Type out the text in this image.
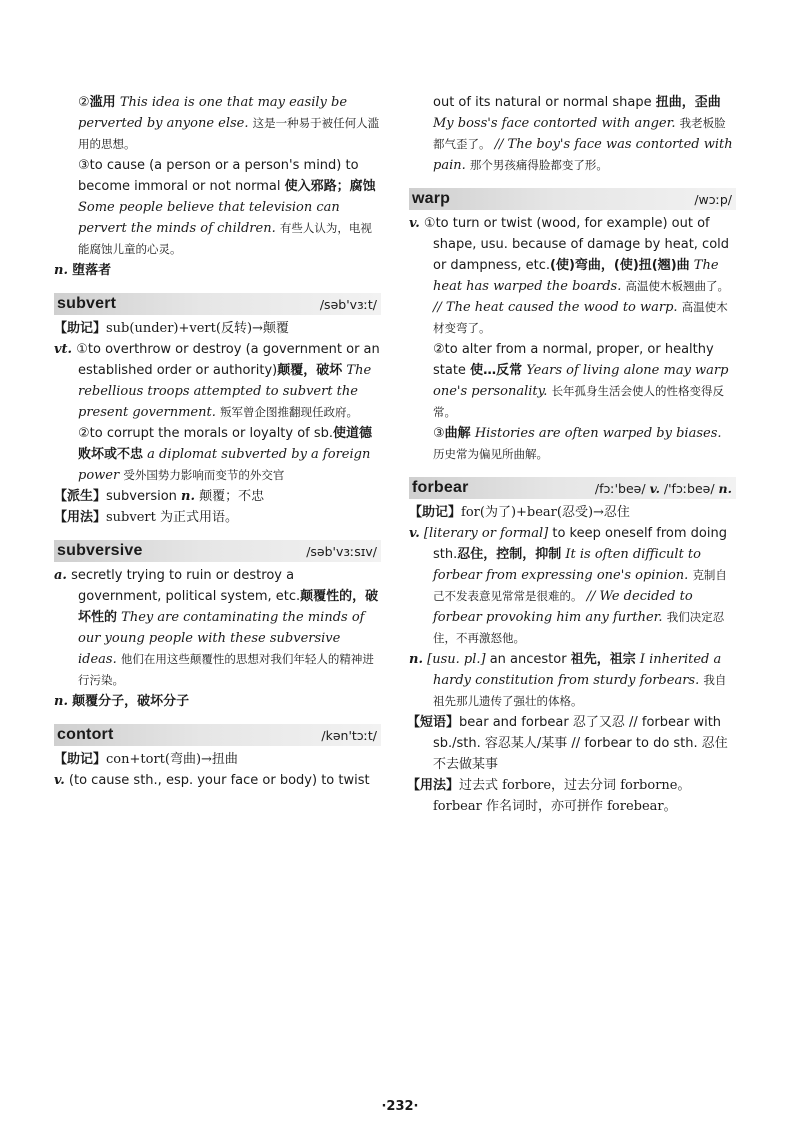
②滥用 This idea is one that may easily be perverted by anyone else. 这是一种易于被任何人滥用的思想。

③to cause (a person or a person's mind) to become immoral or not normal 使入邪路；腐蚀 Some people believe that television can pervert the minds of children. 有些人认为，电视能腐蚀儿童的心灵。

n. 堕落者

subvert	/səb'vɜːt/

【助记】sub(under)+vert(反转)→颠覆

vt. ①to overthrow or destroy (a government or an established order or authority)颠覆，破坏 The rebellious troops attempted to subvert the present government. 叛军曾企图推翻现任政府。

②to corrupt the morals or loyalty of sb.使道德败坏或不忠 a diplomat subverted by a foreign power 受外国势力影响而变节的外交官

【派生】subversion n. 颠覆；不忠

【用法】subvert 为正式用语。

subversive	/səb'vɜːsɪv/

a. secretly trying to ruin or destroy a government, political system, etc.颠覆性的，破坏性的 They are contaminating the minds of our young people with these subversive ideas. 他们在用这些颠覆性的思想对我们年轻人的精神进行污染。

n. 颠覆分子，破坏分子

contort	/kən'tɔːt/

【助记】con+tort(弯曲)→扭曲

v. (to cause sth., esp. your face or body) to twist

out of its natural or normal shape 扭曲，歪曲 My boss's face contorted with anger. 我老板脸都气歪了。 // The boy's face was contorted with pain. 那个男孩痛得脸都变了形。

warp	/wɔːp/

v. ①to turn or twist (wood, for example) out of shape, usu. because of damage by heat, cold or dampness, etc.(使)弯曲，(使)扭(翘)曲 The heat has warped the boards. 高温使木板翘曲了。 // The heat caused the wood to warp. 高温使木材变弯了。

②to alter from a normal, proper, or healthy state 使…反常 Years of living alone may warp one's personality. 长年孤身生活会使人的性格变得反常。

③曲解 Histories are often warped by biases. 历史常为偏见所曲解。

forbear	/fɔː'beə/ v. /'fɔːbeə/ n.

【助记】for(为了)+bear(忍受)→忍住

v. [literary or formal] to keep oneself from doing sth.忍住，控制，抑制 It is often difficult to forbear from expressing one's opinion. 克制自己不发表意见常常是很难的。 // We decided to forbear provoking him any further. 我们决定忍住，不再激怒他。

n. [usu. pl.] an ancestor 祖先，祖宗 I inherited a hardy constitution from sturdy forbears. 我自祖先那儿遗传了强壮的体格。

【短语】bear and forbear 忍了又忍 // forbear with sb./sth. 容忍某人/某事 // forbear to do sth. 忍住不去做某事

【用法】过去式 forbore，过去分词 forborne。forbear 作名词时，亦可拼作 forebear。

·232·
